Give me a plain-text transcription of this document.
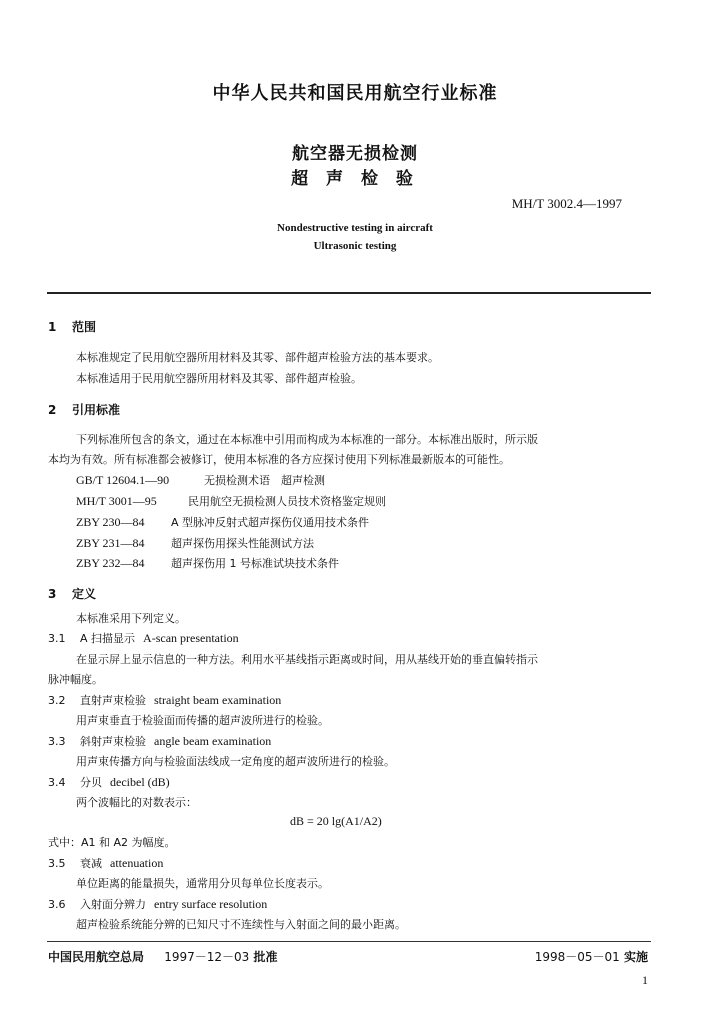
中华人民共和国民用航空行业标准
航空器无损检测
超 声 检 验
MH/T 3002.4—1997
Nondestructive testing in aircraft
Ultrasonic testing
1 范围
本标准规定了民用航空器所用材料及其零、部件超声检验方法的基本要求。
本标准适用于民用航空器所用材料及其零、部件超声检验。
2 引用标准
下列标准所包含的条文，通过在本标准中引用而构成为本标准的一部分。本标准出版时，所示版
本均为有效。所有标准都会被修订，使用本标准的各方应探讨使用下列标准最新版本的可能性。
GB/T 12604.1—90	无损检测术语　超声检测
MH/T 3001—95	民用航空无损检测人员技术资格鉴定规则
ZBY 230—84 A 型脉冲反射式超声探伤仪通用技术条件
ZBY 231—84 超声探伤用探头性能测试方法
ZBY 232—84 超声探伤用 1 号标准试块技术条件
3 定义
本标准采用下列定义。
3.1 A 扫描显示 A-scan presentation
在显示屏上显示信息的一种方法。利用水平基线指示距离或时间，用从基线开始的垂直偏转指示
脉冲幅度。
3.2 直射声束检验 straight beam examination
用声束垂直于检验面而传播的超声波所进行的检验。
3.3 斜射声束检验 angle beam examination
用声束传播方向与检验面法线成一定角度的超声波所进行的检验。
3.4 分贝 decibel (dB)
两个波幅比的对数表示：
dB = 20 lg(A1/A2)
式中：A1 和 A2 为幅度。
3.5 衰减 attenuation
单位距离的能量损失，通常用分贝每单位长度表示。
3.6 入射面分辨力 entry surface resolution
超声检验系统能分辨的已知尺寸不连续性与入射面之间的最小距离。
中国民用航空总局 1997－12－03 批准	1998－05－01 实施
1
